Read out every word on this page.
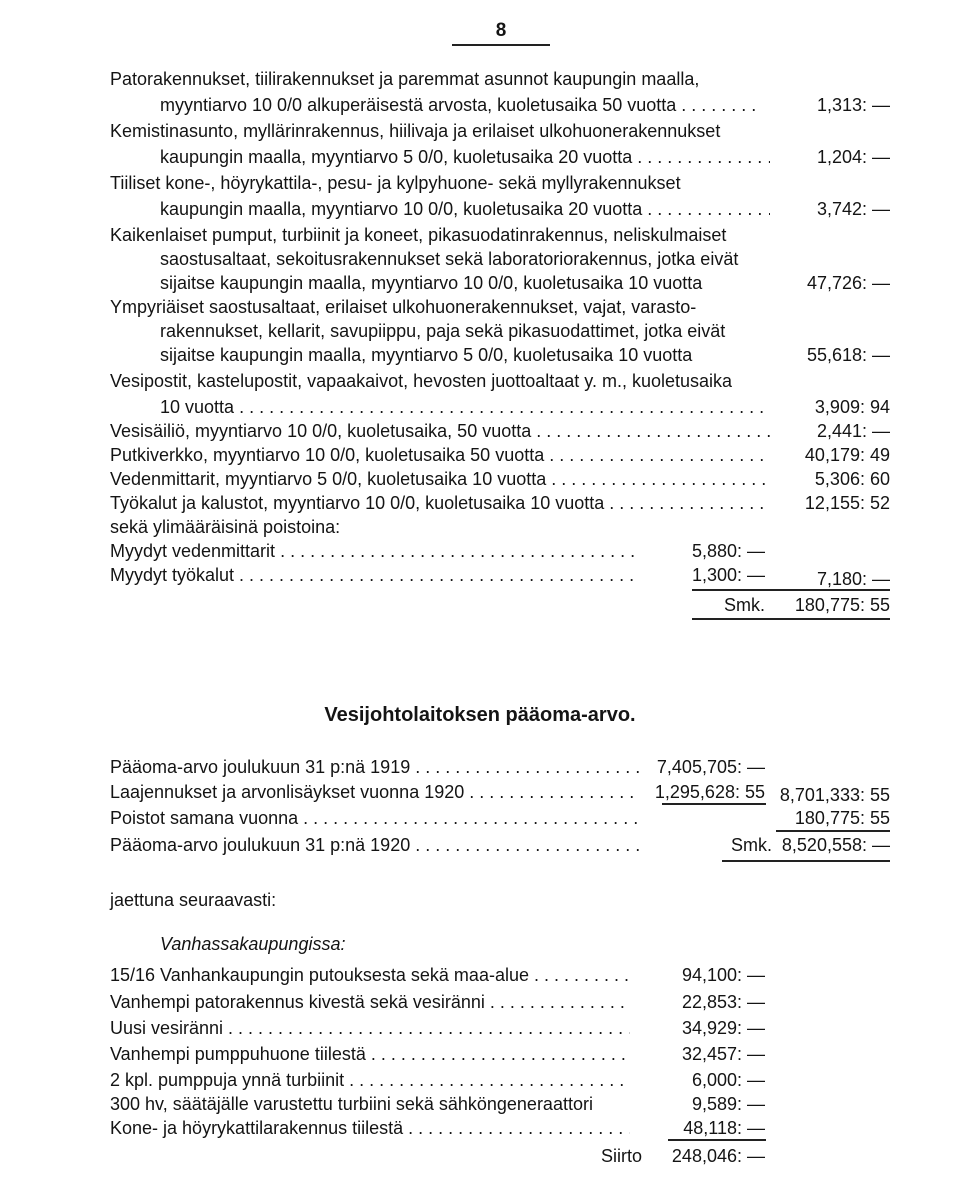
8
Patorakennukset, tiilirakennukset ja paremmat asunnot kaupungin maalla,
myyntiarvo 10 0/0 alkuperäisestä arvosta, kuoletusaika 50 vuotta . . .	1,313: —
Kemistinasunto, myllärinrakennus, hiilivaja ja erilaiset ulkohuonerakennukset
kaupungin maalla, myyntiarvo 5 0/0, kuoletusaika 20 vuotta . . .	1,204: —
Tiiliset kone-, höyrykattila-, pesu- ja kylpyhuone- sekä myllyrakennukset
kaupungin maalla, myyntiarvo 10 0/0, kuoletusaika 20 vuotta . . .	3,742: —
Kaikenlaiset pumput, turbiinit ja koneet, pikasuodatinrakennus, neliskulmaiset
saostusaltaat, sekoitusrakennukset sekä laboratoriorakennus, jotka eivät
sijaitse kaupungin maalla, myyntiarvo 10 0/0, kuoletusaika 10 vuotta	47,726: —
Ympyriäiset saostusaltaat, erilaiset ulkohuonerakennukset, vajat, varasto-
rakennukset, kellarit, savupiippu, paja sekä pikasuodattimet, jotka eivät
sijaitse kaupungin maalla, myyntiarvo 5 0/0, kuoletusaika 10 vuotta	55,618: —
Vesipostit, kastelupostit, vapaakaivot, hevosten juottoaltaat y. m., kuoletusaika
10 vuotta . . .	3,909: 94
Vesisäiliö, myyntiarvo 10 0/0, kuoletusaika, 50 vuotta . . .	2,441: —
Putkiverkko, myyntiarvo 10 0/0, kuoletusaika 50 vuotta . . .	40,179: 49
Vedenmittarit, myyntiarvo 5 0/0, kuoletusaika 10 vuotta . . .	5,306: 60
Työkalut ja kalustot, myyntiarvo 10 0/0, kuoletusaika 10 vuotta . . .	12,155: 52
sekä ylimääräisinä poistoina:
Myydyt vedenmittarit . . .	5,880: —
Myydyt työkalut . . .	1,300: —	7,180: —
Smk. 180,775: 55
Vesijohtolaitoksen pääoma-arvo.
Pääoma-arvo joulukuun 31 p:nä 1919 . . .	7,405,705: —
Laajennukset ja arvonlisäykset vuonna 1920 . . .	1,295,628: 55 8,701,333: 55
Poistot samana vuonna . . .	180,775: 55
Pääoma-arvo joulukuun 31 p:nä 1920 . . .	Smk. 8,520,558: —
jaettuna seuraavasti:
Vanhassakaupungissa:
15/16 Vanhankaupungin putouksesta sekä maa-alue . . .	94,100: —
Vanhempi patorakennus kivestä sekä vesiränni . . .	22,853: —
Uusi vesiränni . . .	34,929: —
Vanhempi pumppuhuone tiilestä . . .	32,457: —
2 kpl. pumppuja ynnä turbiinit . . .	6,000: —
300 hv, säätäjälle varustettu turbiini sekä sähköngeneraattori	9,589: —
Kone- ja höyrykattilarakennus tiilestä . . .	48,118: —
Siirto 248,046: —
